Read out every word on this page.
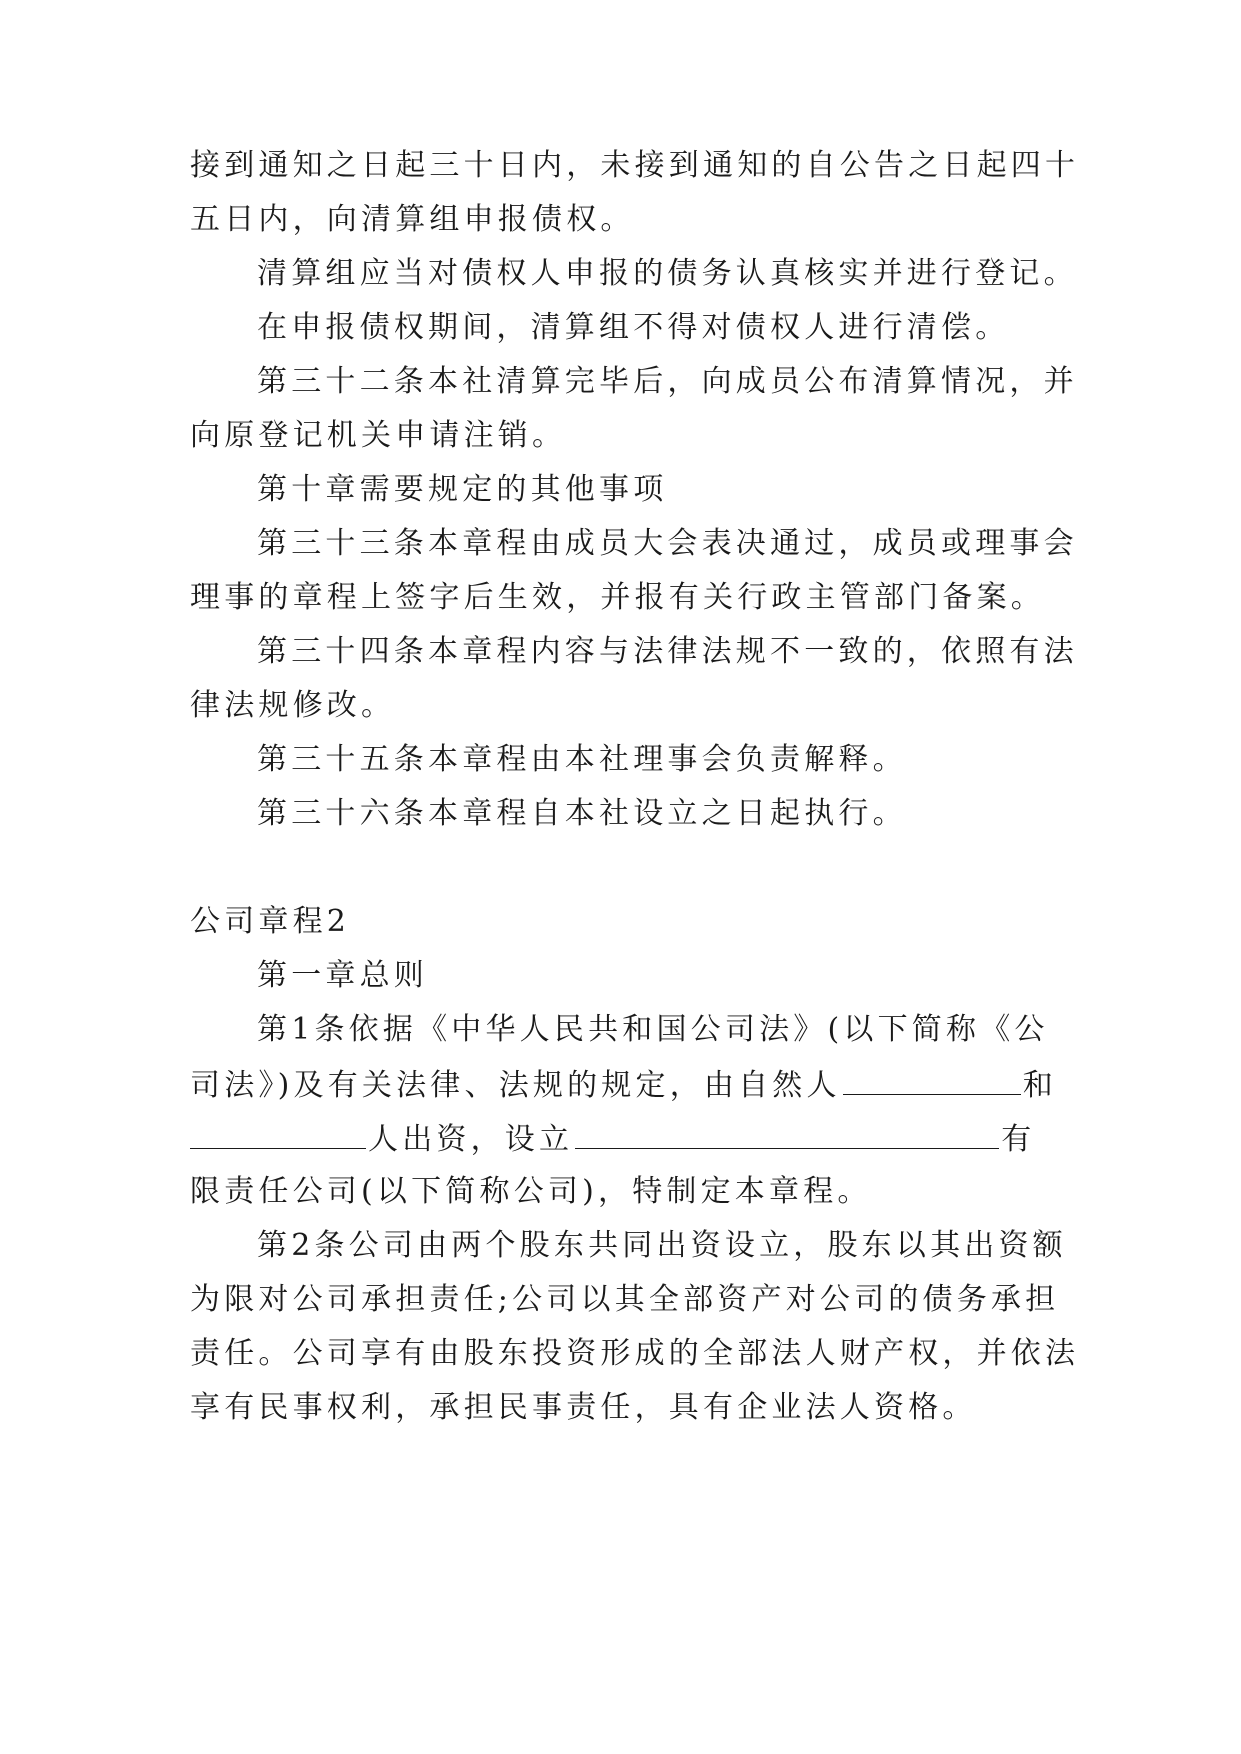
接到通知之日起三十日内，未接到通知的自公告之日起四十
五日内，向清算组申报债权。
清算组应当对债权人申报的债务认真核实并进行登记。
在申报债权期间，清算组不得对债权人进行清偿。
第三十二条本社清算完毕后，向成员公布清算情况，并
向原登记机关申请注销。
第十章需要规定的其他事项
第三十三条本章程由成员大会表决通过，成员或理事会
理事的章程上签字后生效，并报有关行政主管部门备案。
第三十四条本章程内容与法律法规不一致的，依照有法
律法规修改。
第三十五条本章程由本社理事会负责解释。
第三十六条本章程自本社设立之日起执行。
公司章程2
第一章总则
第1条依据《中华人民共和国公司法》(以下简称《公
司法》)及有关法律、法规的规定，由自然人	和
人出资，设立	有
限责任公司(以下简称公司)，特制定本章程。
第2条公司由两个股东共同出资设立，股东以其出资额
为限对公司承担责任;公司以其全部资产对公司的债务承担
责任。公司享有由股东投资形成的全部法人财产权，并依法
享有民事权利，承担民事责任，具有企业法人资格。
